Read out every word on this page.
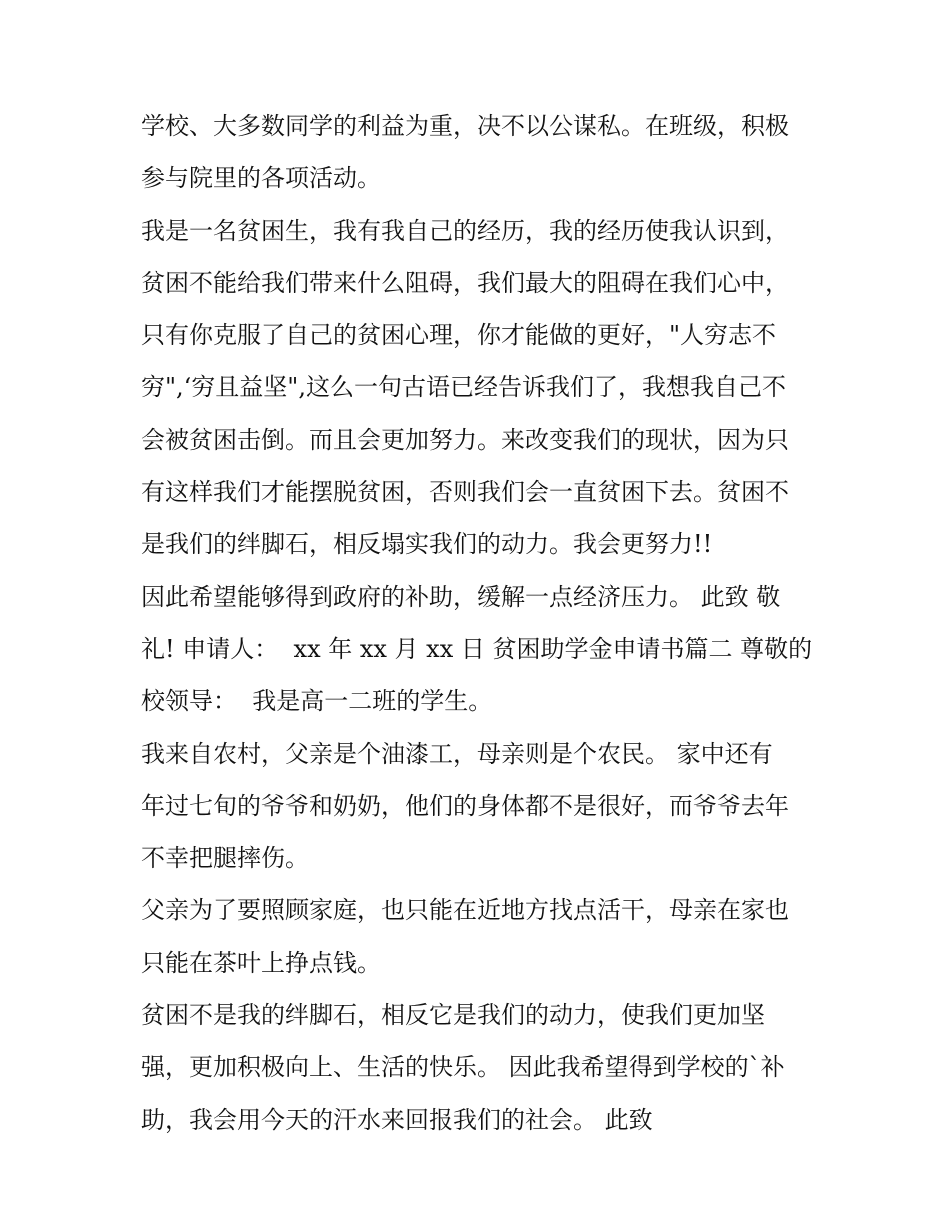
学校、大多数同学的利益为重，决不以公谋私。在班级，积极
参与院里的各项活动。
我是一名贫困生，我有我自己的经历，我的经历使我认识到，
贫困不能给我们带来什么阻碍，我们最大的阻碍在我们心中，
只有你克服了自己的贫困心理，你才能做的更好，"人穷志不
穷",‘穷且益坚",这么一句古语已经告诉我们了，我想我自己不
会被贫困击倒。而且会更加努力。来改变我们的现状，因为只
有这样我们才能摆脱贫困，否则我们会一直贫困下去。贫困不
是我们的绊脚石，相反塌实我们的动力。我会更努力!!
因此希望能够得到政府的补助，缓解一点经济压力。 此致 敬
礼! 申请人：  xx 年 xx 月 xx 日 贫困助学金申请书篇二 尊敬的
校领导：  我是高一二班的学生。
我来自农村，父亲是个油漆工，母亲则是个农民。 家中还有
年过七旬的爷爷和奶奶，他们的身体都不是很好，而爷爷去年
不幸把腿摔伤。
父亲为了要照顾家庭，也只能在近地方找点活干，母亲在家也
只能在茶叶上挣点钱。
贫困不是我的绊脚石，相反它是我们的动力，使我们更加坚
强，更加积极向上、生活的快乐。 因此我希望得到学校的`补
助，我会用今天的汗水来回报我们的社会。 此致
